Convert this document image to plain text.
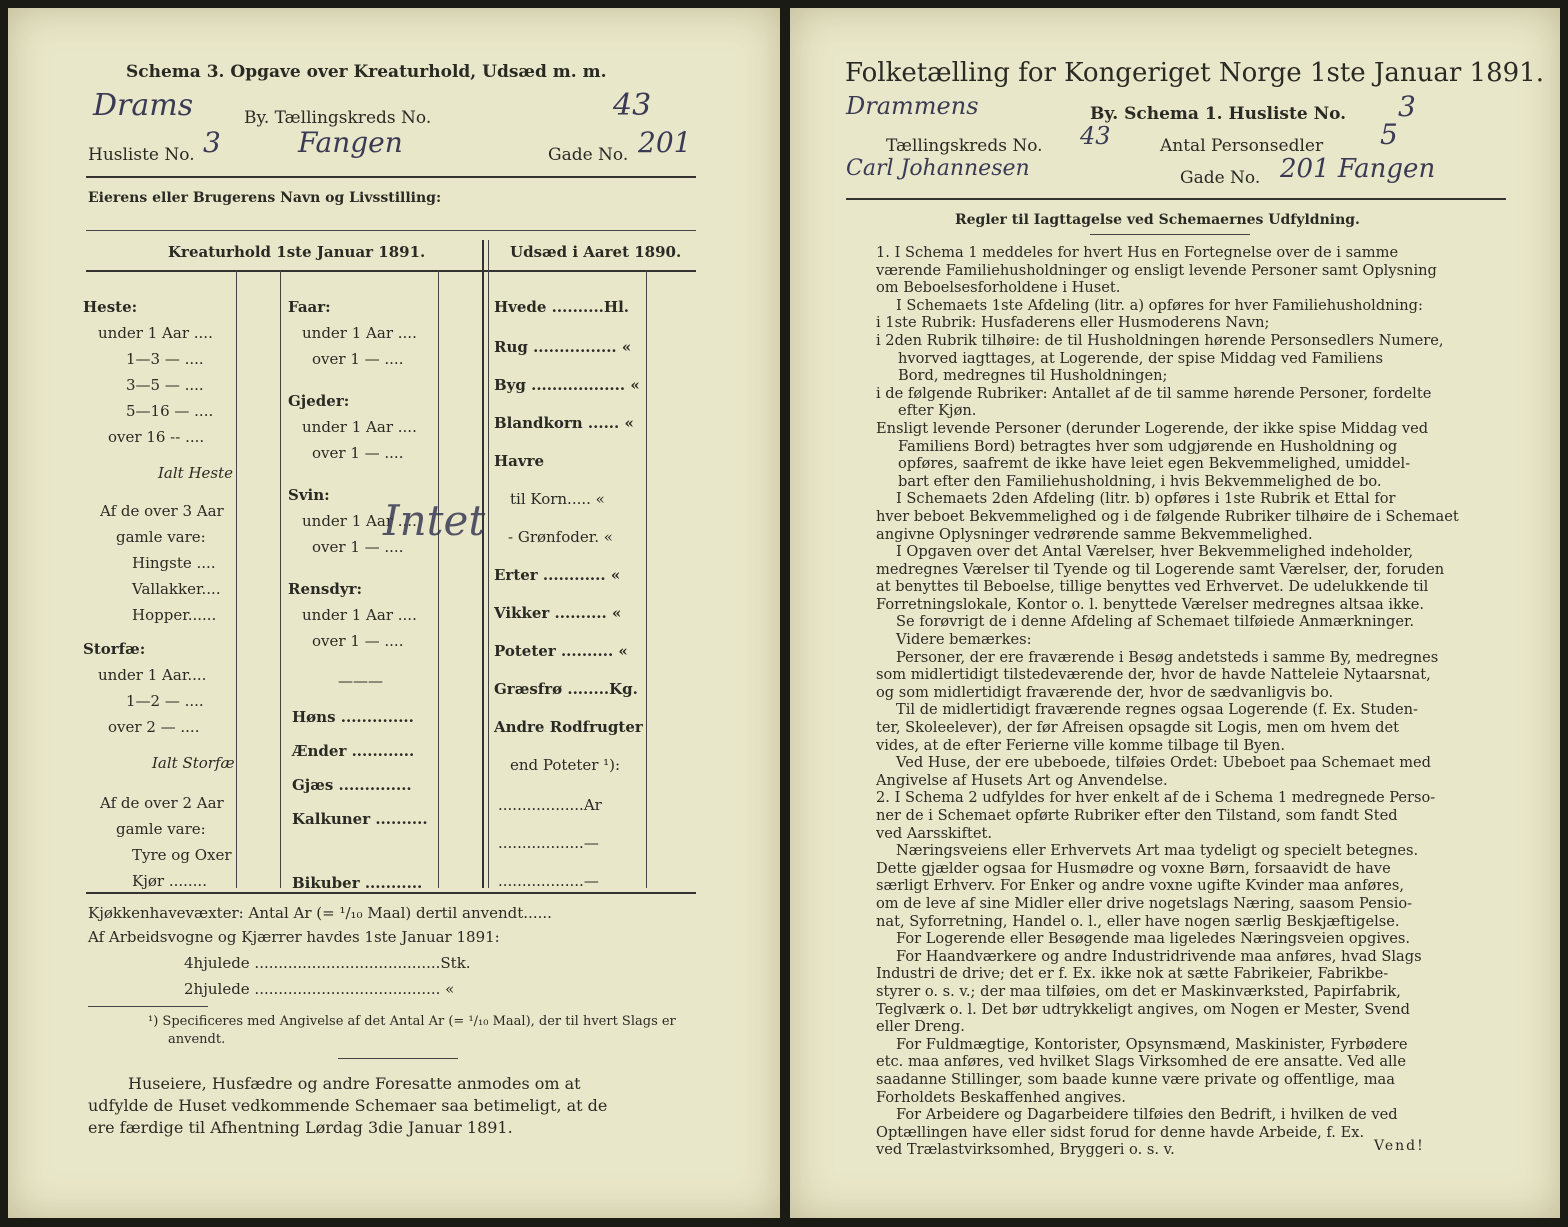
Schema 3. Opgave over Kreaturhold, Udsæd m. m.
Drams	By. Tællingskreds No.	43
Husliste No. 3	Fangen	Gade No. 201
Eierens eller Brugerens Navn og Livsstilling:
Kreaturhold 1ste Januar 1891.	Udsæd i Aaret 1890.
Heste:
under 1 Aar ....
1—3 — ....
3—5 — ....
5—16 — ....
over 16 -- ....
Ialt Heste
Af de over 3 Aar
gamle vare:
Hingste ....
Vallakker....
Hopper......
Storfæ:
under 1 Aar....
1—2 — ....
over 2 — ....
Ialt Storfæ
Af de over 2 Aar
gamle vare:
Tyre og Oxer
Kjør ........
Faar:
under 1 Aar ....
over 1 — ....
Gjeder:
under 1 Aar ....
over 1 — ....
Svin:
under 1 Aar ....
over 1 — ....
Intet
Rensdyr:
under 1 Aar ....
over 1 — ....
———
Høns ..............
Ænder ............
Gjæs ..............
Kalkuner ..........
Bikuber ...........
Hvede ..........Hl.
Rug ................ «
Byg .................. «
Blandkorn ...... «
Havre
til Korn..... «
- Grønfoder. «
Erter ............ «
Vikker .......... «
Poteter .......... «
Græsfrø ........Kg.
Andre Rodfrugter
end Poteter ¹):
..................Ar
..................—
..................—
Kjøkkenhavevæxter: Antal Ar (= ¹/₁₀ Maal) dertil anvendt......
Af Arbeidsvogne og Kjærrer havdes 1ste Januar 1891:
4hjulede .......................................Stk.
2hjulede ....................................... «
¹) Specificeres med Angivelse af det Antal Ar (= ¹/₁₀ Maal), der til hvert Slags er
anvendt.
Huseiere, Husfædre og andre Foresatte anmodes om at
udfylde de Huset vedkommende Schemaer saa betimeligt, at de
ere færdige til Afhentning Lørdag 3die Januar 1891.
Folketælling for Kongeriget Norge 1ste Januar 1891.
Drammens	By. Schema 1. Husliste No. 3
Tællingskreds No. 43	Antal Personsedler 5
Carl Johannesen	Gade No. 201 Fangen
Regler til Iagttagelse ved Schemaernes Udfyldning.

1. I Schema 1 meddeles for hvert Hus en Fortegnelse over de i samme

værende Familiehusholdninger og ensligt levende Personer samt Oplysning

om Beboelsesforholdene i Huset.

I Schemaets 1ste Afdeling (litr. a) opføres for hver Familiehusholdning:

i 1ste Rubrik: Husfaderens eller Husmoderens Navn;

i 2den Rubrik tilhøire: de til Husholdningen hørende Personsedlers Numere,

hvorved iagttages, at Logerende, der spise Middag ved Familiens

Bord, medregnes til Husholdningen;

i de følgende Rubriker: Antallet af de til samme hørende Personer, fordelte

efter Kjøn.

Ensligt levende Personer (derunder Logerende, der ikke spise Middag ved

Familiens Bord) betragtes hver som udgjørende en Husholdning og

opføres, saafremt de ikke have leiet egen Bekvemmelighed, umiddel-

bart efter den Familiehusholdning, i hvis Bekvemmelighed de bo.

I Schemaets 2den Afdeling (litr. b) opføres i 1ste Rubrik et Ettal for

hver beboet Bekvemmelighed og i de følgende Rubriker tilhøire de i Schemaet

angivne Oplysninger vedrørende samme Bekvemmelighed.

I Opgaven over det Antal Værelser, hver Bekvemmelighed indeholder,

medregnes Værelser til Tyende og til Logerende samt Værelser, der, foruden

at benyttes til Beboelse, tillige benyttes ved Erhvervet. De udelukkende til

Forretningslokale, Kontor o. l. benyttede Værelser medregnes altsaa ikke.

Se forøvrigt de i denne Afdeling af Schemaet tilføiede Anmærkninger.

Videre bemærkes:

Personer, der ere fraværende i Besøg andetsteds i samme By, medregnes

som midlertidigt tilstedeværende der, hvor de havde Natteleie Nytaarsnat,

og som midlertidigt fraværende der, hvor de sædvanligvis bo.

Til de midlertidigt fraværende regnes ogsaa Logerende (f. Ex. Studen-

ter, Skoleelever), der før Afreisen opsagde sit Logis, men om hvem det

vides, at de efter Ferierne ville komme tilbage til Byen.

Ved Huse, der ere ubeboede, tilføies Ordet: Ubeboet paa Schemaet med

Angivelse af Husets Art og Anvendelse.

2. I Schema 2 udfyldes for hver enkelt af de i Schema 1 medregnede Perso-

ner de i Schemaet opførte Rubriker efter den Tilstand, som fandt Sted

ved Aarsskiftet.

Næringsveiens eller Erhvervets Art maa tydeligt og specielt betegnes.

Dette gjælder ogsaa for Husmødre og voxne Børn, forsaavidt de have

særligt Erhverv. For Enker og andre voxne ugifte Kvinder maa anføres,

om de leve af sine Midler eller drive nogetslags Næring, saasom Pensio-

nat, Syforretning, Handel o. l., eller have nogen særlig Beskjæftigelse.

For Logerende eller Besøgende maa ligeledes Næringsveien opgives.

For Haandværkere og andre Industridrivende maa anføres, hvad Slags

Industri de drive; det er f. Ex. ikke nok at sætte Fabrikeier, Fabrikbe-

styrer o. s. v.; der maa tilføies, om det er Maskinværksted, Papirfabrik,

Teglværk o. l. Det bør udtrykkeligt angives, om Nogen er Mester, Svend

eller Dreng.

For Fuldmægtige, Kontorister, Opsynsmænd, Maskinister, Fyrbødere

etc. maa anføres, ved hvilket Slags Virksomhed de ere ansatte. Ved alle

saadanne Stillinger, som baade kunne være private og offentlige, maa

Forholdets Beskaffenhed angives.

For Arbeidere og Dagarbeidere tilføies den Bedrift, i hvilken de ved

Optællingen have eller sidst forud for denne havde Arbeide, f. Ex.

ved Trælastvirksomhed, Bryggeri o. s. v.	Vend!
